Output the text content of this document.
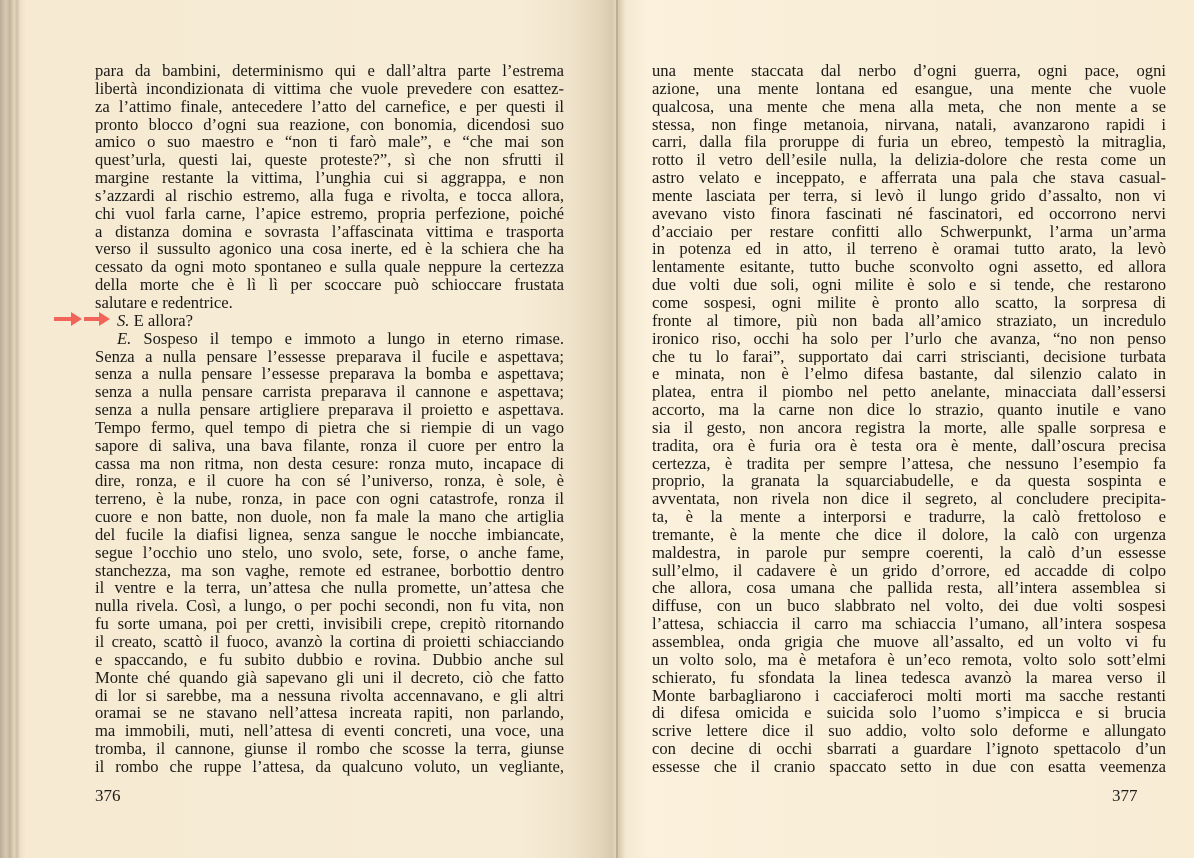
para da bambini, determinismo qui e dall’altra parte l’estrema
libertà incondizionata di vittima che vuole prevedere con esattez-
za l’attimo finale, antecedere l’atto del carnefice, e per questi il
pronto blocco d’ogni sua reazione, con bonomia, dicendosi suo
amico o suo maestro e “non ti farò male”, e “che mai son
quest’urla, questi lai, queste proteste?”, sì che non sfrutti il
margine restante la vittima, l’unghia cui si aggrappa, e non
s’azzardi al rischio estremo, alla fuga e rivolta, e tocca allora,
chi vuol farla carne, l’apice estremo, propria perfezione, poiché
a distanza domina e sovrasta l’affascinata vittima e trasporta
verso il sussulto agonico una cosa inerte, ed è la schiera che ha
cessato da ogni moto spontaneo e sulla quale neppure la certezza
della morte che è lì lì per scoccare può schioccare frustata
salutare e redentrice.
S. E allora?
E. Sospeso il tempo e immoto a lungo in eterno rimase.
Senza a nulla pensare l’essesse preparava il fucile e aspettava;
senza a nulla pensare l’essesse preparava la bomba e aspettava;
senza a nulla pensare carrista preparava il cannone e aspettava;
senza a nulla pensare artigliere preparava il proietto e aspettava.
Tempo fermo, quel tempo di pietra che si riempie di un vago
sapore di saliva, una bava filante, ronza il cuore per entro la
cassa ma non ritma, non desta cesure: ronza muto, incapace di
dire, ronza, e il cuore ha con sé l’universo, ronza, è sole, è
terreno, è la nube, ronza, in pace con ogni catastrofe, ronza il
cuore e non batte, non duole, non fa male la mano che artiglia
del fucile la diafisi lignea, senza sangue le nocche imbiancate,
segue l’occhio uno stelo, uno svolo, sete, forse, o anche fame,
stanchezza, ma son vaghe, remote ed estranee, borbottio dentro
il ventre e la terra, un’attesa che nulla promette, un’attesa che
nulla rivela. Così, a lungo, o per pochi secondi, non fu vita, non
fu sorte umana, poi per cretti, invisibili crepe, crepitò ritornando
il creato, scattò il fuoco, avanzò la cortina di proietti schiacciando
e spaccando, e fu subito dubbio e rovina. Dubbio anche sul
Monte ché quando già sapevano gli uni il decreto, ciò che fatto
di lor si sarebbe, ma a nessuna rivolta accennavano, e gli altri
oramai se ne stavano nell’attesa increata rapiti, non parlando,
ma immobili, muti, nell’attesa di eventi concreti, una voce, una
tromba, il cannone, giunse il rombo che scosse la terra, giunse
il rombo che ruppe l’attesa, da qualcuno voluto, un vegliante,
una mente staccata dal nerbo d’ogni guerra, ogni pace, ogni
azione, una mente lontana ed esangue, una mente che vuole
qualcosa, una mente che mena alla meta, che non mente a se
stessa, non finge metanoia, nirvana, natali, avanzarono rapidi i
carri, dalla fila proruppe di furia un ebreo, tempestò la mitraglia,
rotto il vetro dell’esile nulla, la delizia-dolore che resta come un
astro velato e inceppato, e afferrata una pala che stava casual-
mente lasciata per terra, si levò il lungo grido d’assalto, non vi
avevano visto finora fascinati né fascinatori, ed occorrono nervi
d’acciaio per restare confitti allo Schwerpunkt, l’arma un’arma
in potenza ed in atto, il terreno è oramai tutto arato, la levò
lentamente esitante, tutto buche sconvolto ogni assetto, ed allora
due volti due soli, ogni milite è solo e si tende, che restarono
come sospesi, ogni milite è pronto allo scatto, la sorpresa di
fronte al timore, più non bada all’amico straziato, un incredulo
ironico riso, occhi ha solo per l’urlo che avanza, “no non penso
che tu lo farai”, supportato dai carri striscianti, decisione turbata
e minata, non è l’elmo difesa bastante, dal silenzio calato in
platea, entra il piombo nel petto anelante, minacciata dall’essersi
accorto, ma la carne non dice lo strazio, quanto inutile e vano
sia il gesto, non ancora registra la morte, alle spalle sorpresa e
tradita, ora è furia ora è testa ora è mente, dall’oscura precisa
certezza, è tradita per sempre l’attesa, che nessuno l’esempio fa
proprio, la granata la squarciabudelle, e da questa sospinta e
avventata, non rivela non dice il segreto, al concludere precipita-
ta, è la mente a interporsi e tradurre, la calò frettoloso e
tremante, è la mente che dice il dolore, la calò con urgenza
maldestra, in parole pur sempre coerenti, la calò d’un essesse
sull’elmo, il cadavere è un grido d’orrore, ed accadde di colpo
che allora, cosa umana che pallida resta, all’intera assemblea si
diffuse, con un buco slabbrato nel volto, dei due volti sospesi
l’attesa, schiaccia il carro ma schiaccia l’umano, all’intera sospesa
assemblea, onda grigia che muove all’assalto, ed un volto vi fu
un volto solo, ma è metafora è un’eco remota, volto solo sott’elmi
schierato, fu sfondata la linea tedesca avanzò la marea verso il
Monte barbagliarono i cacciaferoci molti morti ma sacche restanti
di difesa omicida e suicida solo l’uomo s’impicca e si brucia
scrive lettere dice il suo addio, volto solo deforme e allungato
con decine di occhi sbarrati a guardare l’ignoto spettacolo d’un
essesse che il cranio spaccato setto in due con esatta veemenza
376	377
